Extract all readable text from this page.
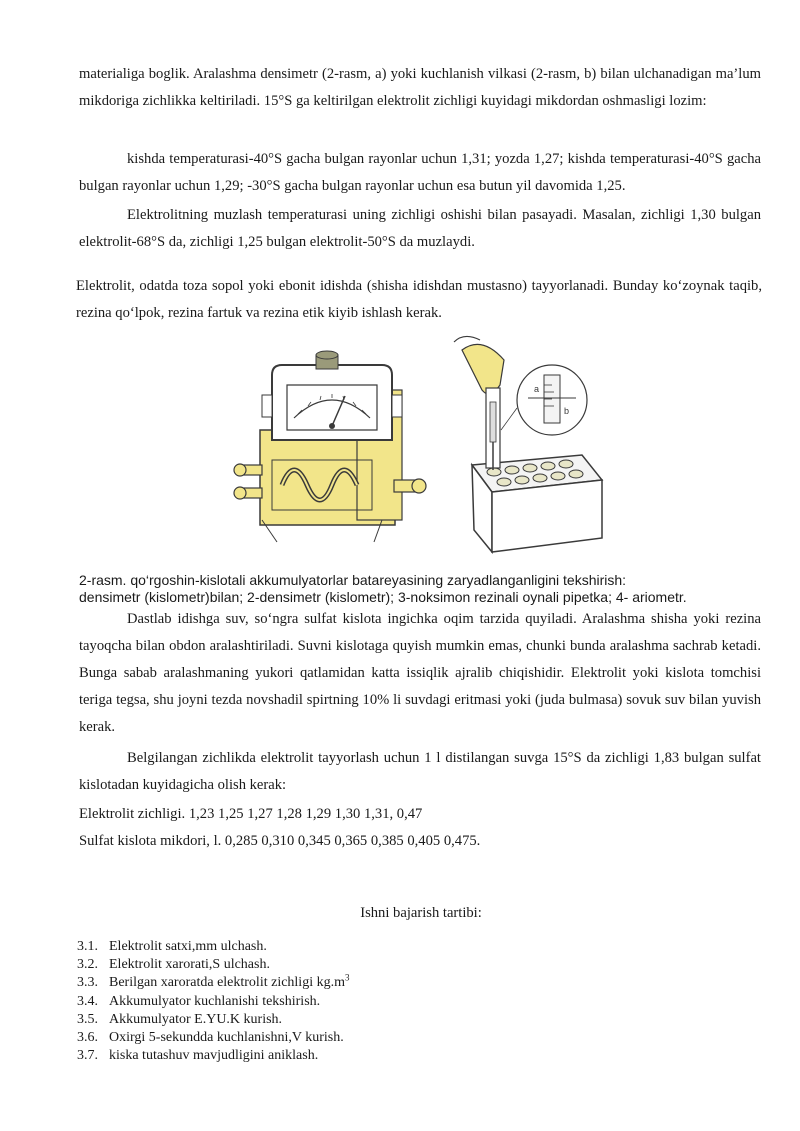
materialiga boglik. Aralashma densimetr (2-rasm, a) yoki kuchlanish vilkasi (2-rasm, b) bilan ulchanadigan ma’lum mikdoriga zichlikka keltiriladi. 15°S ga keltirilgan elektrolit zichligi kuyidagi mikdordan oshmasligi lozim:

kishda temperaturasi-40°S gacha bulgan rayonlar uchun 1,31; yozda 1,27; kishda temperaturasi-40°S gacha bulgan rayonlar uchun 1,29; -30°S gacha bulgan rayonlar uchun esa butun yil davomida 1,25.

Elektrolitning muzlash temperaturasi uning zichligi oshishi bilan pasayadi. Masalan, zichligi 1,30 bulgan elektrolit-68°S da, zichligi 1,25 bulgan elektrolit-50°S da muzlaydi.

Elektrolit, odatda toza sopol yoki ebonit idishda (shisha idishdan mustasno) tayyorlanadi. Bunday ko‘zoynak taqib, rezina qo‘lpok, rezina fartuk va rezina etik kiyib ishlash kerak.

a
b

2-rasm. qo‘rgoshin-kislotali akkumulyatorlar batareyasining zaryadlanganligini tekshirish:

densimetr (kislometr)bilan; 2-densimetr (kislometr); 3-noksimon rezinali oynali pipetka; 4- ariometr.

Dastlab idishga suv, so‘ngra sulfat kislota ingichka oqim tarzida quyiladi. Aralashma shisha yoki rezina tayoqcha bilan obdon aralashtiriladi. Suvni kislotaga quyish mumkin emas, chunki bunda aralashma sachrab ketadi. Bunga sabab aralashmaning yukori qatlamidan katta issiqlik ajralib chiqishidir. Elektrolit yoki kislota tomchisi teriga tegsa, shu joyni tezda novshadil spirtning 10% li suvdagi eritmasi yoki (juda bulmasa) sovuk suv bilan yuvish kerak.

Belgilangan zichlikda elektrolit tayyorlash uchun 1 l distilangan suvga 15°S da zichligi 1,83 bulgan sulfat kislotadan kuyidagicha olish kerak:

Elektrolit zichligi. 1,23 1,25 1,27 1,28 1,29 1,30 1,31, 0,47

Sulfat kislota mikdori, l. 0,285 0,310 0,345 0,365 0,385 0,405 0,475.

Ishni bajarish tartibi:

3.1. Elektrolit satxi,mm ulchash.
3.2. Elektrolit xarorati,S ulchash.
3.3. Berilgan xaroratda elektrolit zichligi $kg.m^3$
3.4. Akkumulyator kuchlanishi tekshirish.
3.5. Akkumulyator E.YU.K kurish.
3.6. Oxirgi 5-sekundda kuchlanishni,V kurish.
3.7. kiska tutashuv mavjudligini aniklash.
